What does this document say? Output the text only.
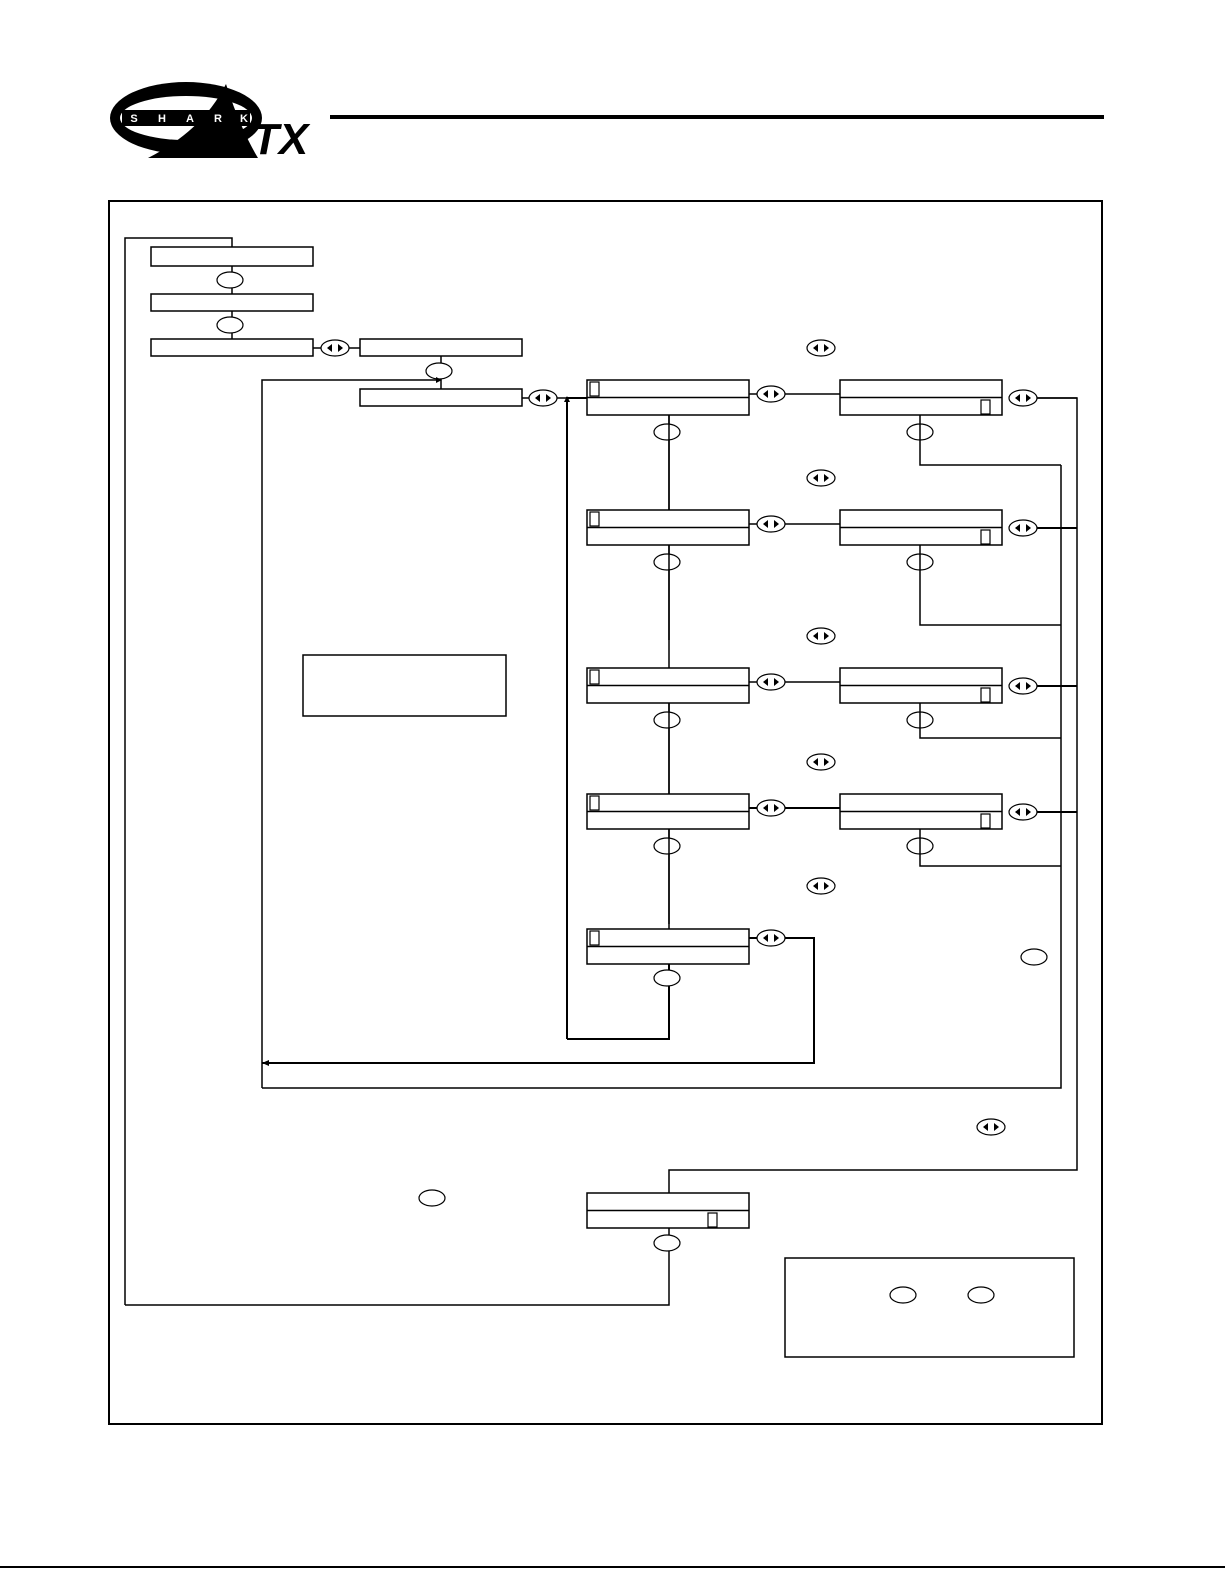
S H A R K TX
